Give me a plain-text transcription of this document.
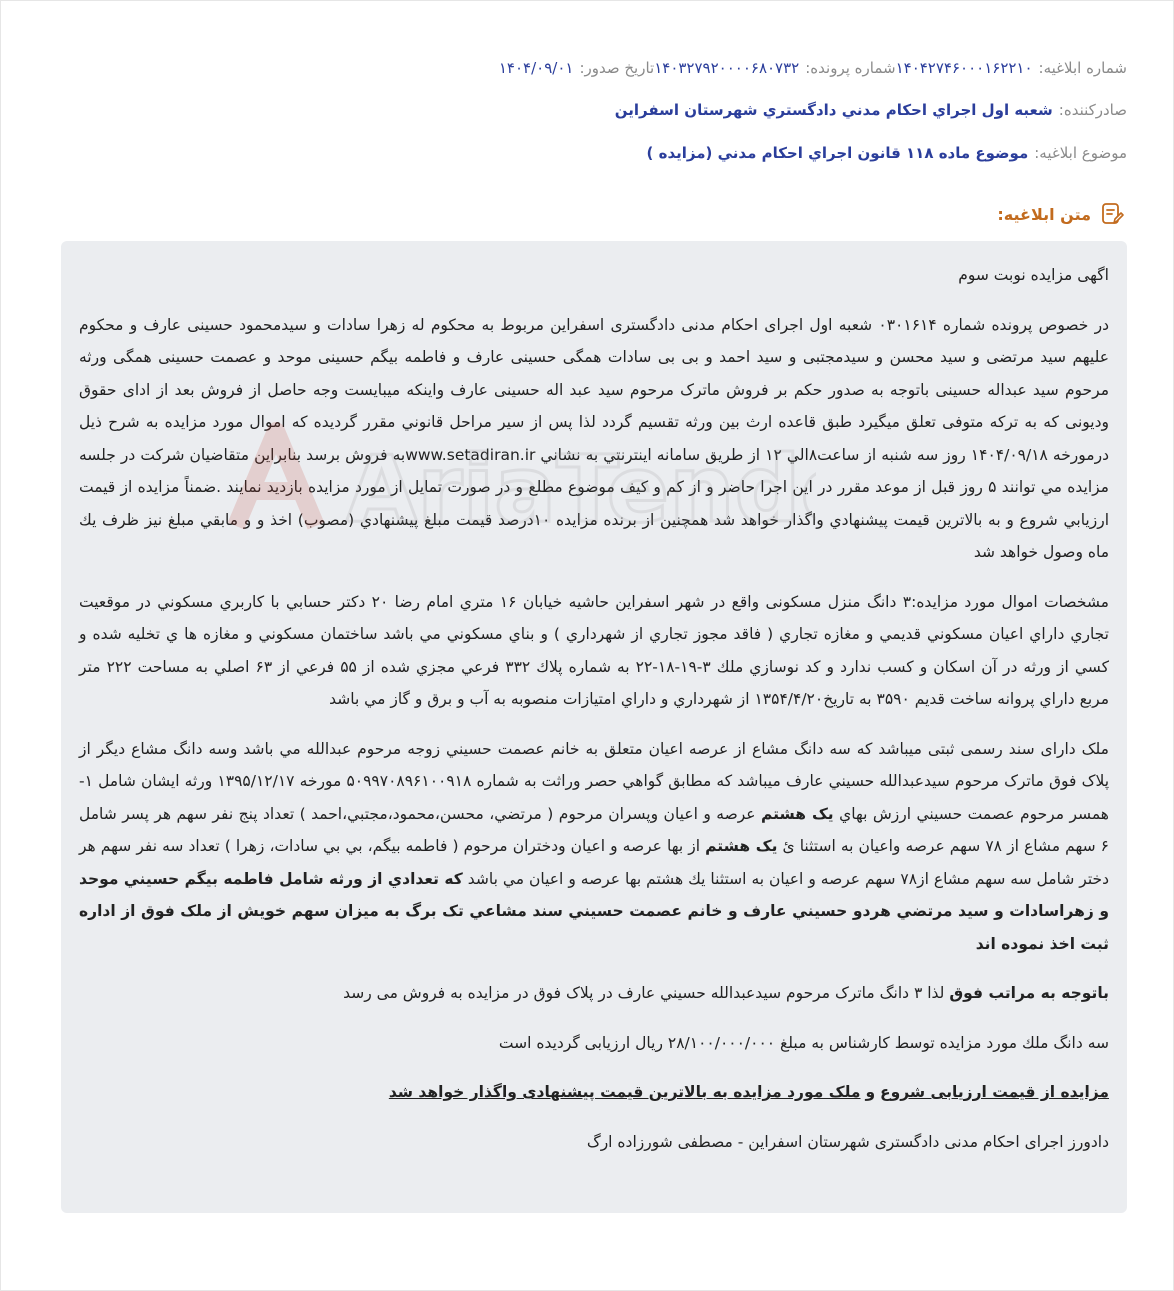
شماره ابلاغیه:
۱۴۰۴۲۷۴۶۰۰۰۱۶۲۲۱۰
شماره پرونده:
۱۴۰۳۲۷۹۲۰۰۰۰۶۸۰۷۳۲
تاریخ صدور:
۱۴۰۴/۰۹/۰۱
صادرکننده:
شعبه اول اجراي احكام مدني دادگستري شهرستان اسفراين
موضوع ابلاغیه:
موضوع ماده ۱۱۸ قانون اجراي احكام مدني (مزايده )
متن ابلاغیه:

اگهی مزایده نوبت سوم

در خصوص پرونده شماره ۰۳۰۱۶۱۴ شعبه اول اجرای احکام مدنی دادگستری اسفراین مربوط به محکوم له زهرا سادات و سیدمحمود حسینی عارف و محکوم علیهم سید مرتضی و سید محسن و سیدمجتبی و سید احمد و بی بی سادات همگی حسینی عارف و فاطمه بیگم حسینی موحد و عصمت حسینی همگی ورثه مرحوم سید عبداله حسینی باتوجه به صدور حکم بر فروش ماترک مرحوم سید عبد اله حسینی عارف واینکه میبایست وجه حاصل از فروش بعد از ادای حقوق ودیونی که به ترکه متوفی تعلق میگیرد طبق قاعده ارث بین ورثه تقسیم گردد لذا پس از سير مراحل قانوني مقرر گرديده كه اموال مورد مزايده به شرح ذيل درمورخه ۱۴۰۴/۰۹/۱۸ روز سه شنبه از ساعت۸الي ۱۲ از طريق سامانه اينترنتي به نشاني www.setadiran.irبه فروش برسد بنابراين متقاضيان شركت در جلسه مزايده مي توانند ۵ روز قبل از موعد مقرر در اين اجرا حاضر و از كم و كيف موضوع مطلع و در صورت تمايل از مورد مزايده بازديد نمايند .ضمناً مزايده از قيمت ارزيابي شروع و به بالاترين قيمت پيشنهادي واگذار خواهد شد همچنين از برنده مزايده ۱۰درصد قيمت مبلغ پيشنهادي (مصوب) اخذ و و مابقي مبلغ نيز ظرف يك ماه وصول خواهد شد

مشخصات اموال مورد مزايده:۳ دانگ منزل مسکونی واقع در شهر اسفراين حاشيه خيابان ۱۶ متري امام رضا ۲۰ دكتر حسابي با كاربري مسكوني در موقعيت تجاري داراي اعيان مسكوني قديمي و مغازه تجاري ( فاقد مجوز تجاري از شهرداري ) و بناي مسكوني مي باشد ساختمان مسكوني و مغازه ها ي تخليه شده و كسي از ورثه در آن اسكان و كسب ندارد و كد نوسازي ملك ۳-۱۹-۱۸-۲۲ به شماره پلاك ۳۳۲ فرعي مجزي شده از ۵۵ فرعي از ۶۳ اصلي به مساحت ۲۲۲ متر مربع داراي پروانه ساخت قديم ۳۵۹۰ به تاريخ۱۳۵۴/۴/۲۰ از شهرداري و داراي امتيازات منصوبه به آب و برق و گاز مي باشد

ملک دارای سند رسمی ثبتی میباشد که سه دانگ مشاع از عرصه اعيان متعلق به خانم عصمت حسيني زوجه مرحوم عبدالله مي باشد وسه دانگ مشاع ديگر از پلاک فوق ماترک مرحوم سيدعبدالله حسيني عارف ميباشد که مطابق گواهي حصر وراثت به شماره ۵۰۹۹۷۰۸۹۶۱۰۰۹۱۸ مورخه ۱۳۹۵/۱۲/۱۷ ورثه ايشان شامل ۱-همسر مرحوم عصمت حسيني ارزش بهاي يک هشتم عرصه و اعيان وپسران مرحوم ( مرتضي، محسن،محمود،مجتبي،احمد ) تعداد پنج نفر سهم هر پسر شامل ۶ سهم مشاع از ۷۸ سهم عرصه واعيان به استثنا ئ يک هشتم از بها عرصه و اعيان ودختران مرحوم ( فاطمه بيگم، بي بي سادات، زهرا ) تعداد سه نفر سهم هر دختر شامل سه سهم مشاع از۷۸ سهم عرصه و اعيان به استثنا يك هشتم بها عرصه و اعيان مي باشد که تعدادي از ورثه شامل فاطمه بيگم حسيني موحد و زهراسادات و سيد مرتضي هردو حسيني عارف و خانم عصمت حسيني سند مشاعي تک برگ به ميزان سهم خويش از ملک فوق از اداره ثبت اخذ نموده اند

باتوجه به مراتب فوق لذا ۳ دانگ ماترک مرحوم سيدعبدالله حسيني عارف در پلاک فوق در مزايده به فروش می رسد

سه دانگ ملك مورد مزايده توسط كارشناس به مبلغ ۲۸/۱۰۰/۰۰۰/۰۰۰ ريال ارزيابی گرديده است

مزایده از قیمت ارزیابی شروع و ملک مورد مزایده به بالاترین قیمت پیشنهادی واگذار خواهد شد

دادورز اجرای احکام مدنی دادگستری شهرستان اسفراین - مصطفی شورزاده ارگ
